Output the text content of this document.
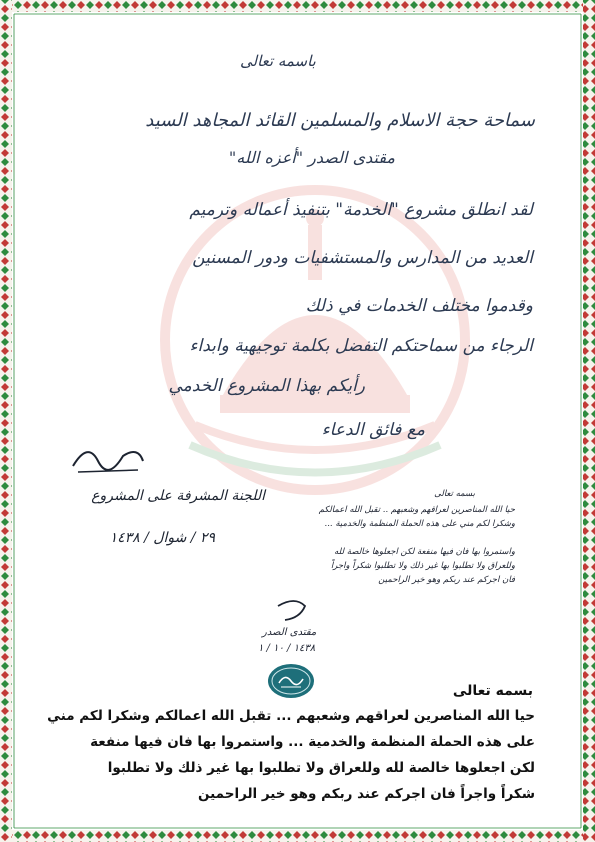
باسمه تعالى
سماحة حجة الاسلام والمسلمين القائد المجاهد السيد
مقتدى الصدر "أعزه الله"
لقد انطلق مشروع "الخدمة" بتنفيذ أعماله وترميم
العديد من المدارس والمستشفيات ودور المسنين
وقدموا مختلف الخدمات في ذلك
الرجاء من سماحتكم التفضل بكلمة توجيهية وابداء
رأيكم بهذا المشروع الخدمي
مع فائق الدعاء
اللجنة المشرفة على المشروع
٢٩ / شوال / ١٤٣٨
بسمه تعالى
حيا الله المناصرين لعراقهم وشعبهم .. تقبل الله اعمالكم
وشكرا لكم مني على هذه الحملة المنظمة والخدمية ...
واستمروا بها فان فيها منفعة لكن اجعلوها خالصة لله
وللعراق ولا تطلبوا بها غير ذلك ولا تطلبوا شكراً واجراً
فان اجركم عند ربكم وهو خير الراحمين
مقتدى الصدر
١٤٣٨ / ١٠ / ١
بسمه تعالى
حيا الله المناصرين لعراقهم وشعبهم ... تقبل الله اعمالكم وشكرا لكم مني
على هذه الحملة المنظمة والخدمية ... واستمروا بها فان فيها منفعة
لكن اجعلوها خالصة لله وللعراق ولا تطلبوا بها غير ذلك ولا تطلبوا
شكراً واجراً فان اجركم عند ربكم وهو خير الراحمين
